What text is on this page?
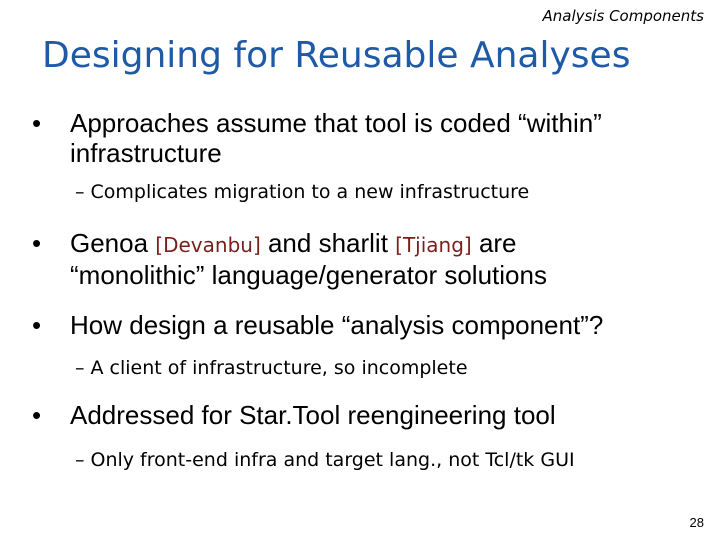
Analysis Components
Designing for Reusable Analyses
• Approaches assume that tool is coded “within”
infrastructure
– Complicates migration to a new infrastructure
• Genoa [Devanbu] and sharlit [Tjiang] are
“monolithic” language/generator solutions
• How design a reusable “analysis component”?
– A client of infrastructure, so incomplete
• Addressed for Star.Tool reengineering tool
– Only front-end infra and target lang., not Tcl/tk GUI
28
